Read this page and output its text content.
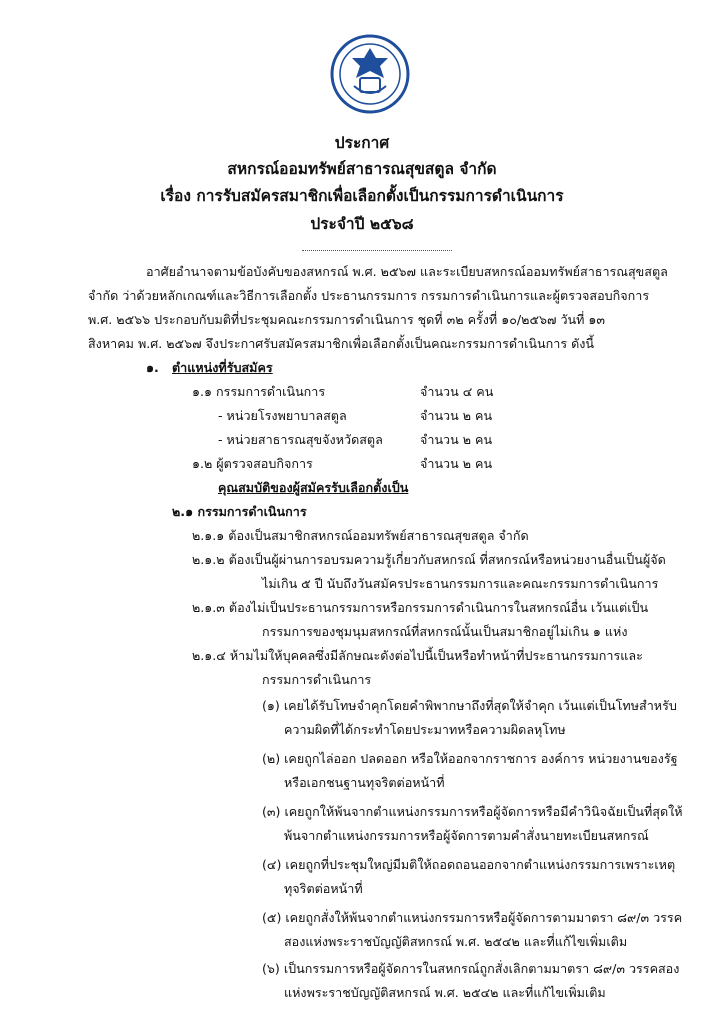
ประกาศ
สหกรณ์ออมทรัพย์สาธารณสุขสตูล จำกัด
เรื่อง การรับสมัครสมาชิกเพื่อเลือกตั้งเป็นกรรมการดำเนินการ
ประจำปี ๒๕๖๘
อาศัยอำนาจตามข้อบังคับของสหกรณ์ พ.ศ. ๒๕๖๗ และระเบียบสหกรณ์ออมทรัพย์สาธารณสุขสตูล
จำกัด ว่าด้วยหลักเกณฑ์และวิธีการเลือกตั้ง ประธานกรรมการ กรรมการดำเนินการและผู้ตรวจสอบกิจการ
พ.ศ. ๒๕๖๖ ประกอบกับมติที่ประชุมคณะกรรมการดำเนินการ ชุดที่ ๓๒ ครั้งที่ ๑๐/๒๕๖๗ วันที่ ๑๓
สิงหาคม พ.ศ. ๒๕๖๗ จึงประกาศรับสมัครสมาชิกเพื่อเลือกตั้งเป็นคณะกรรมการดำเนินการ ดังนี้
๑. ตำแหน่งที่รับสมัคร
๑.๑ กรรมการดำเนินการ	จำนวน ๔ คน
- หน่วยโรงพยาบาลสตูล	จำนวน ๒ คน
- หน่วยสาธารณสุขจังหวัดสตูล	จำนวน ๒ คน
๑.๒ ผู้ตรวจสอบกิจการ	จำนวน ๒ คน
คุณสมบัติของผู้สมัครรับเลือกตั้งเป็น
๒.๑ กรรมการดำเนินการ
๒.๑.๑ ต้องเป็นสมาชิกสหกรณ์ออมทรัพย์สาธารณสุขสตูล จำกัด
๒.๑.๒ ต้องเป็นผู้ผ่านการอบรมความรู้เกี่ยวกับสหกรณ์ ที่สหกรณ์หรือหน่วยงานอื่นเป็นผู้จัด
ไม่เกิน ๕ ปี นับถึงวันสมัครประธานกรรมการและคณะกรรมการดำเนินการ
๒.๑.๓ ต้องไม่เป็นประธานกรรมการหรือกรรมการดำเนินการในสหกรณ์อื่น เว้นแต่เป็น
กรรมการของชุมนุมสหกรณ์ที่สหกรณ์นั้นเป็นสมาชิกอยู่ไม่เกิน ๑ แห่ง
๒.๑.๔ ห้ามไม่ให้บุคคลซึ่งมีลักษณะดังต่อไปนี้เป็นหรือทำหน้าที่ประธานกรรมการและ
กรรมการดำเนินการ
(๑) เคยได้รับโทษจำคุกโดยคำพิพากษาถึงที่สุดให้จำคุก เว้นแต่เป็นโทษสำหรับ
ความผิดที่ได้กระทำโดยประมาทหรือความผิดลหุโทษ
(๒) เคยถูกไล่ออก ปลดออก หรือให้ออกจากราชการ องค์การ หน่วยงานของรัฐ
หรือเอกชนฐานทุจริตต่อหน้าที่
(๓) เคยถูกให้พ้นจากตำแหน่งกรรมการหรือผู้จัดการหรือมีคำวินิจฉัยเป็นที่สุดให้
พ้นจากตำแหน่งกรรมการหรือผู้จัดการตามคำสั่งนายทะเบียนสหกรณ์
(๔) เคยถูกที่ประชุมใหญ่มีมติให้ถอดถอนออกจากตำแหน่งกรรมการเพราะเหตุ
ทุจริตต่อหน้าที่
(๕) เคยถูกสั่งให้พ้นจากตำแหน่งกรรมการหรือผู้จัดการตามมาตรา ๘๙/๓ วรรค
สองแห่งพระราชบัญญัติสหกรณ์ พ.ศ. ๒๕๔๒ และที่แก้ไขเพิ่มเติม
(๖) เป็นกรรมการหรือผู้จัดการในสหกรณ์ถูกสั่งเลิกตามมาตรา ๘๙/๓ วรรคสอง
แห่งพระราชบัญญัติสหกรณ์ พ.ศ. ๒๕๔๒ และที่แก้ไขเพิ่มเติม
